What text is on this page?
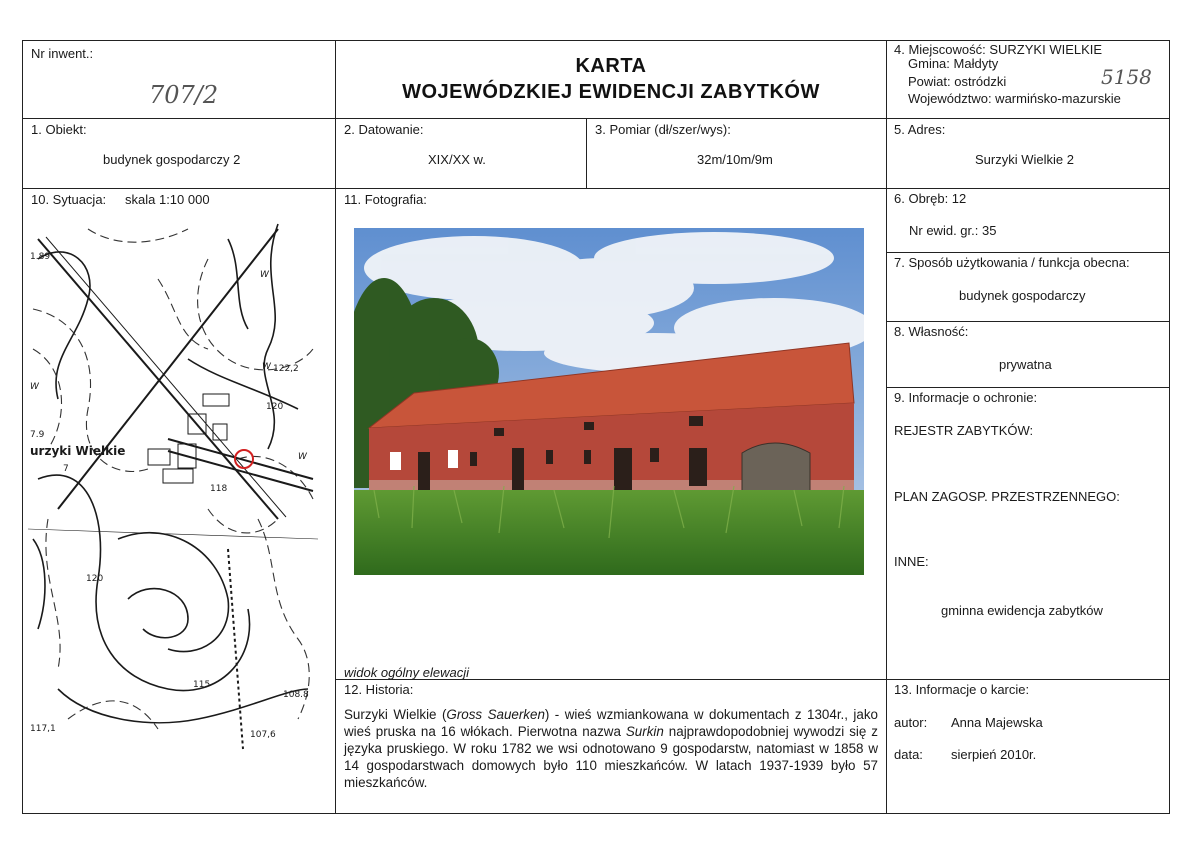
Nr inwent.:
707/2
KARTA
WOJEWÓDZKIEJ EWIDENCJI ZABYTKÓW
4. Miejscowość: SURZYKI WIELKIE
Gmina: Małdyty
Powiat: ostródzki
Województwo: warmińsko-mazurskie
5158
1. Obiekt:
budynek gospodarczy 2
2. Datowanie:
XIX/XX w.
3. Pomiar (dł/szer/wys):
32m/10m/9m
5. Adres:
Surzyki Wielkie 2
10. Sytuacja: skala 1:10 000
1.89
122,2
120
7.9
urzyki Wielkie
7
118
120
115
108.8
117,1
107,6
W
W
W
W
11. Fotografia:
widok ogólny elewacji
12. Historia:
Surzyki Wielkie (Gross Sauerken) - wieś wzmiankowana w dokumentach z 1304r., jako wieś pruska na 16 włókach. Pierwotna nazwa Surkin najprawdopodobniej wywodzi się z języka pruskiego. W roku 1782 we wsi odnotowano 9 gospodarstw, natomiast w 1858 w 14 gospodarstwach domowych było 110 mieszkańców. W latach 1937-1939 było 57 mieszkańców.
6. Obręb: 12
Nr ewid. gr.: 35
7. Sposób użytkowania / funkcja obecna:
budynek gospodarczy
8. Własność:
prywatna
9. Informacje o ochronie:
REJESTR ZABYTKÓW:
PLAN ZAGOSP. PRZESTRZENNEGO:
INNE:
gminna ewidencja zabytków
13. Informacje o karcie:
autor: Anna Majewska
data: sierpień 2010r.
